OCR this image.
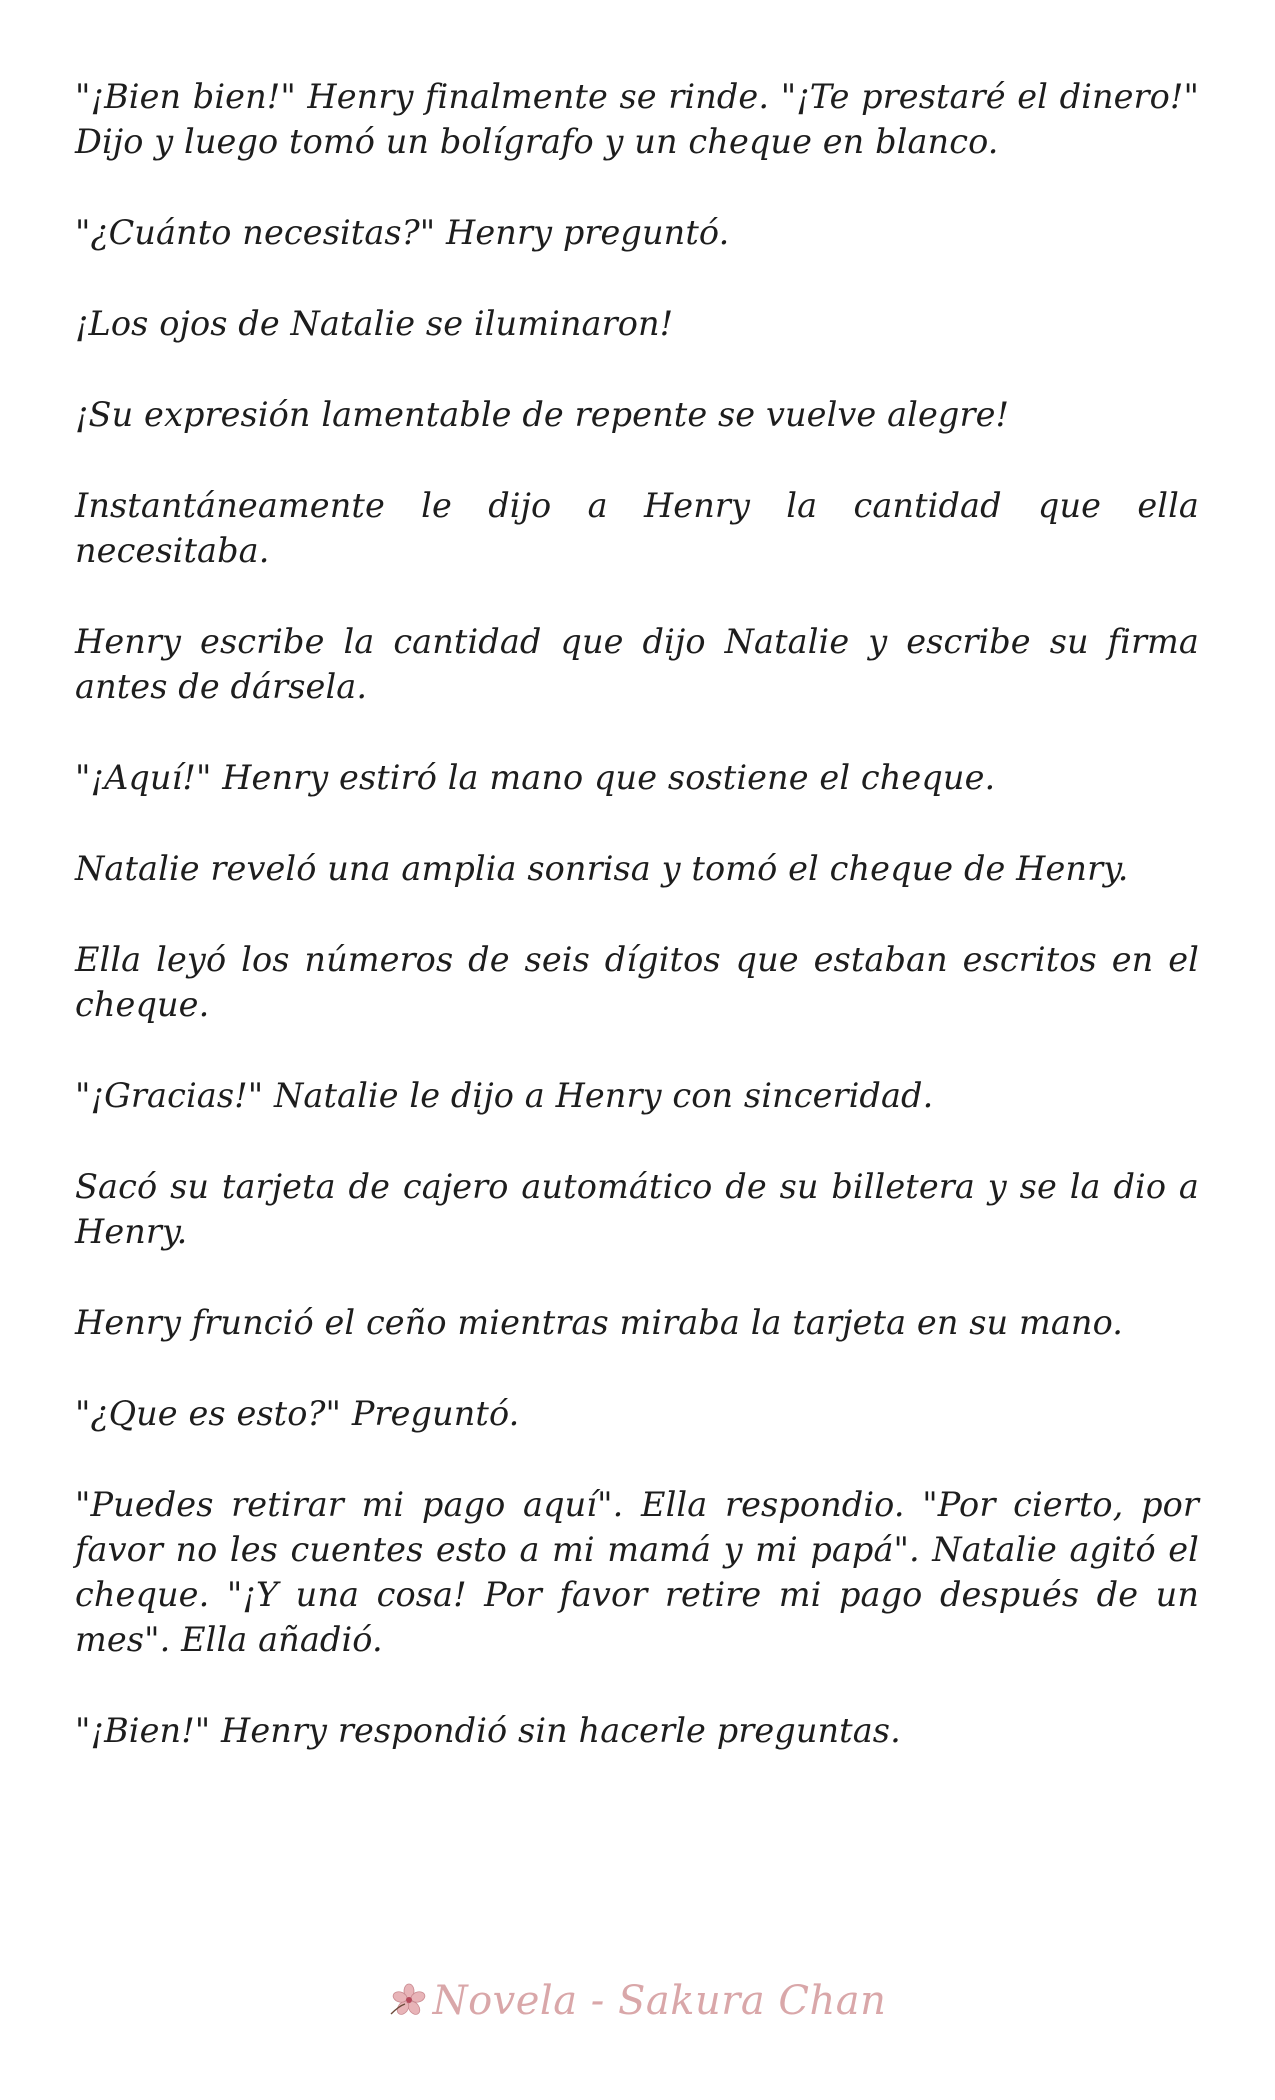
"¡Bien bien!" Henry finalmente se rinde. "¡Te prestaré el dinero!" Dijo y luego tomó un bolígrafo y un cheque en blanco.

"¿Cuánto necesitas?" Henry preguntó.

¡Los ojos de Natalie se iluminaron!

¡Su expresión lamentable de repente se vuelve alegre!

Instantáneamente le dijo a Henry la cantidad que ella necesitaba.

Henry escribe la cantidad que dijo Natalie y escribe su firma antes de dársela.

"¡Aquí!" Henry estiró la mano que sostiene el cheque.

Natalie reveló una amplia sonrisa y tomó el cheque de Henry.

Ella leyó los números de seis dígitos que estaban escritos en el cheque.

"¡Gracias!" Natalie le dijo a Henry con sinceridad.

Sacó su tarjeta de cajero automático de su billetera y se la dio a Henry.

Henry frunció el ceño mientras miraba la tarjeta en su mano.

"¿Que es esto?" Preguntó.

"Puedes retirar mi pago aquí". Ella respondio. "Por cierto, por favor no les cuentes esto a mi mamá y mi papá". Natalie agitó el cheque. "¡Y una cosa! Por favor retire mi pago después de un mes". Ella añadió.

"¡Bien!" Henry respondió sin hacerle preguntas.

Novela - Sakura Chan
